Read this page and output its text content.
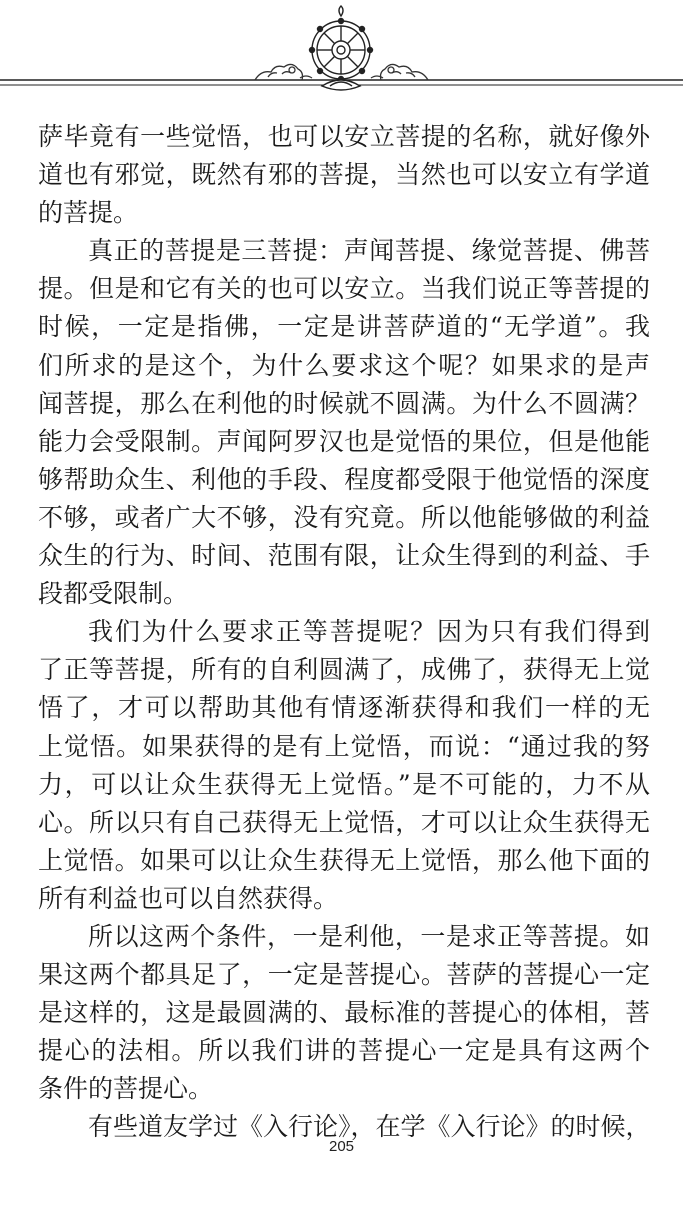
萨毕竟有一些觉悟，也可以安立菩提的名称，就好像外
道也有邪觉，既然有邪的菩提，当然也可以安立有学道
的菩提。
真正的菩提是三菩提：声闻菩提、缘觉菩提、佛菩
提。但是和它有关的也可以安立。当我们说正等菩提的
时候，一定是指佛，一定是讲菩萨道的“无学道”。我
们所求的是这个，为什么要求这个呢？如果求的是声
闻菩提，那么在利他的时候就不圆满。为什么不圆满？
能力会受限制。声闻阿罗汉也是觉悟的果位，但是他能
够帮助众生、利他的手段、程度都受限于他觉悟的深度
不够，或者广大不够，没有究竟。所以他能够做的利益
众生的行为、时间、范围有限，让众生得到的利益、手
段都受限制。
我们为什么要求正等菩提呢？因为只有我们得到
了正等菩提，所有的自利圆满了，成佛了，获得无上觉
悟了，才可以帮助其他有情逐渐获得和我们一样的无
上觉悟。如果获得的是有上觉悟，而说：“通过我的努
力，可以让众生获得无上觉悟。”是不可能的，力不从
心。所以只有自己获得无上觉悟，才可以让众生获得无
上觉悟。如果可以让众生获得无上觉悟，那么他下面的
所有利益也可以自然获得。
所以这两个条件，一是利他，一是求正等菩提。如
果这两个都具足了，一定是菩提心。菩萨的菩提心一定
是这样的，这是最圆满的、最标准的菩提心的体相，菩
提心的法相。所以我们讲的菩提心一定是具有这两个
条件的菩提心。
有些道友学过《入行论》，在学《入行论》的时候，
205
